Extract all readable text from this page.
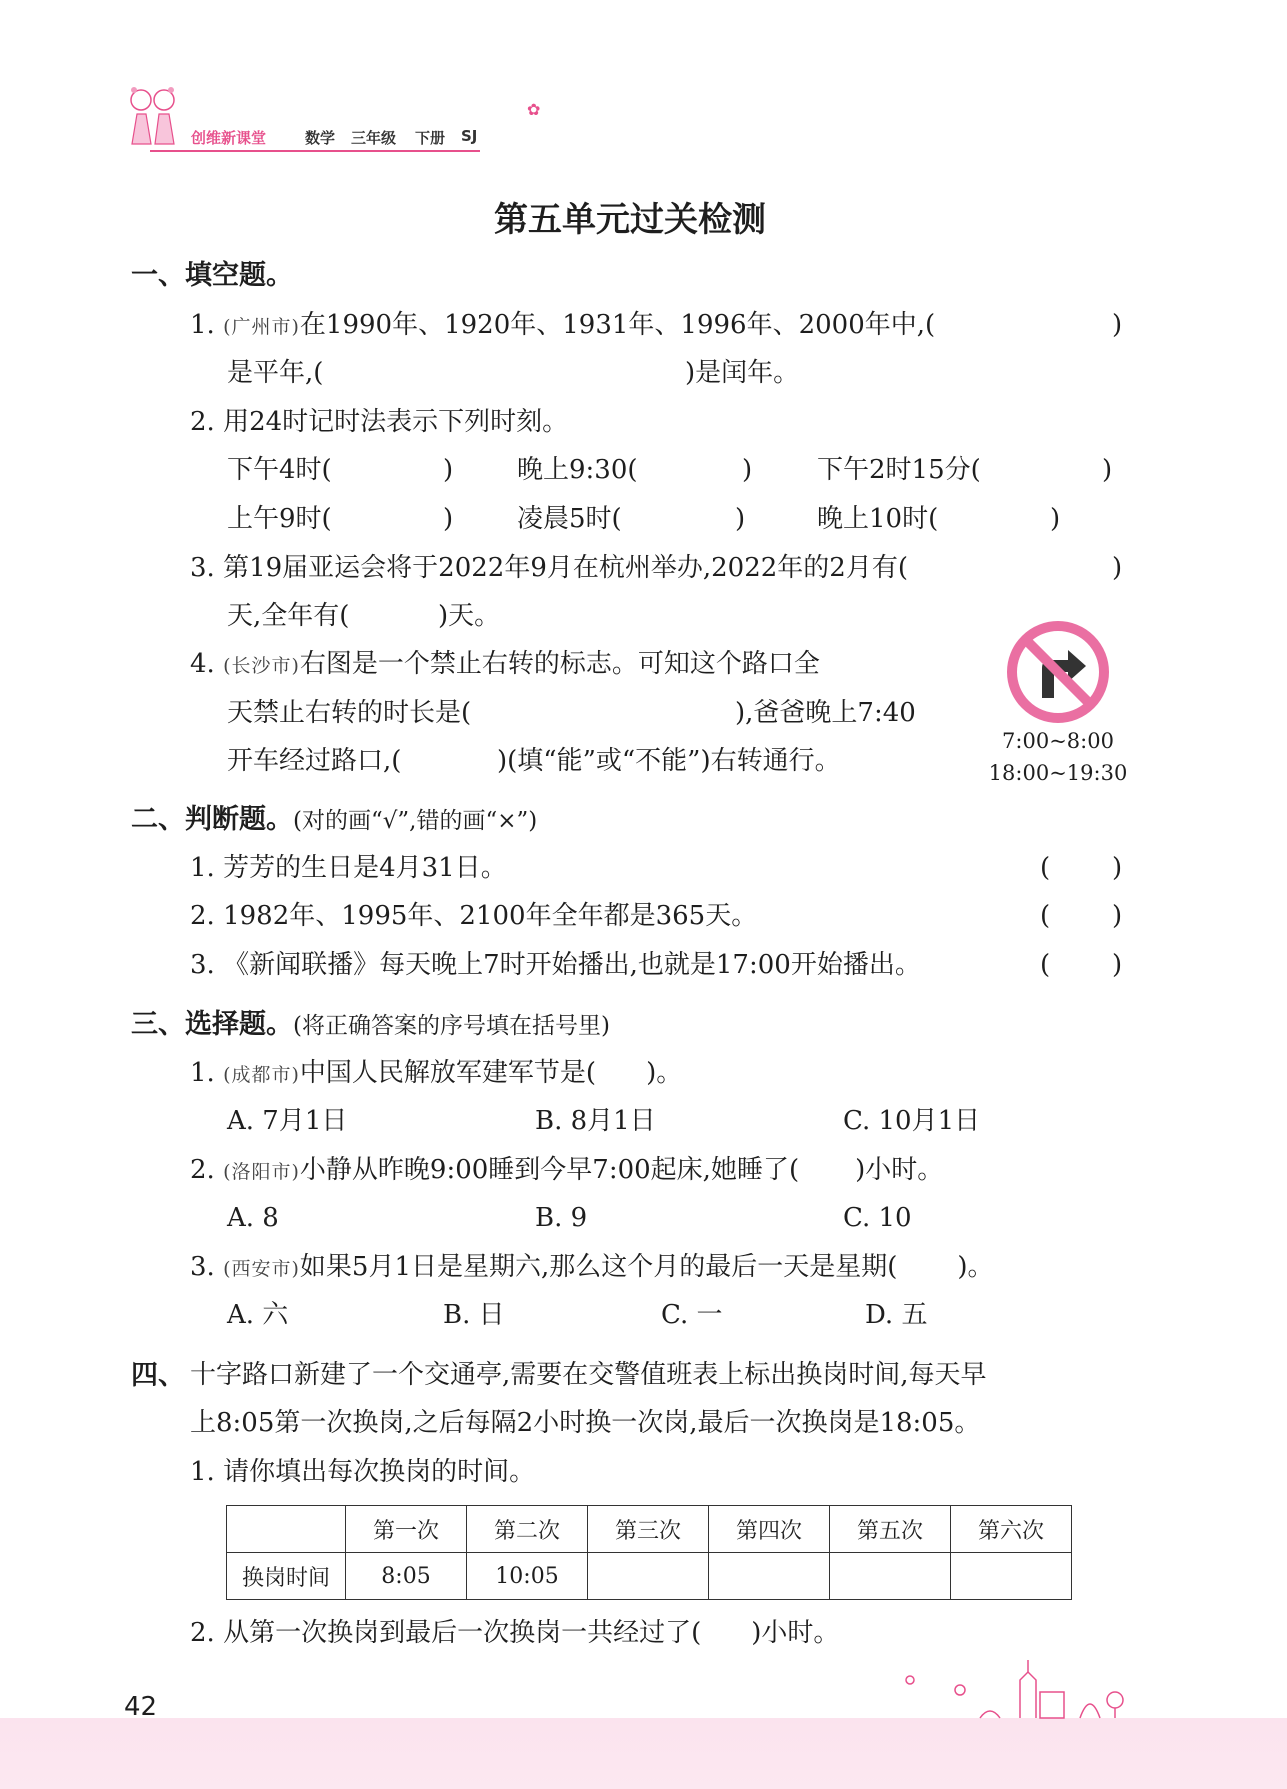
创维新课堂	数学 三年级 下册 SJ
✿
第五单元过关检测
一、填空题。
1. (广州市)在1990年、1920年、1931年、1996年、2000年中,(	)
是平年,(	)是闰年。
2. 用24时记时法表示下列时刻。
下午4时(	) 晚上9:30(	) 下午2时15分(	)
上午9时(	) 凌晨5时(	)	晚上10时(	)
3. 第19届亚运会将于2022年9月在杭州举办,2022年的2月有(	)
天,全年有(	)天。
4. (长沙市)右图是一个禁止右转的标志。可知这个路口全
天禁止右转的时长是(	),爸爸晚上7:40
开车经过路口,(	)(填“能”或“不能”)右转通行。
7:00~8:00
18:00~19:30
二、判断题。(对的画“√”,错的画“×”)
1. 芳芳的生日是4月31日。	( )
2. 1982年、1995年、2100年全年都是365天。	( )
3. 《新闻联播》每天晚上7时开始播出,也就是17:00开始播出。	( )
三、选择题。(将正确答案的序号填在括号里)
1. (成都市)中国人民解放军建军节是( )。
A. 7月1日	B. 8月1日	C. 10月1日
2. (洛阳市)小静从昨晚9:00睡到今早7:00起床,她睡了( )小时。
A. 8	B. 9	C. 10
3. (西安市)如果5月1日是星期六,那么这个月的最后一天是星期( )。
A. 六	B. 日	C. 一	D. 五
四、 十字路口新建了一个交通亭,需要在交警值班表上标出换岗时间,每天早
上8:05第一次换岗,之后每隔2小时换一次岗,最后一次换岗是18:05。
1. 请你填出每次换岗的时间。
	第一次	第二次	第三次	第四次	第五次	第六次
换岗时间	8:05	10:05				
2. 从第一次换岗到最后一次换岗一共经过了( )小时。
42
